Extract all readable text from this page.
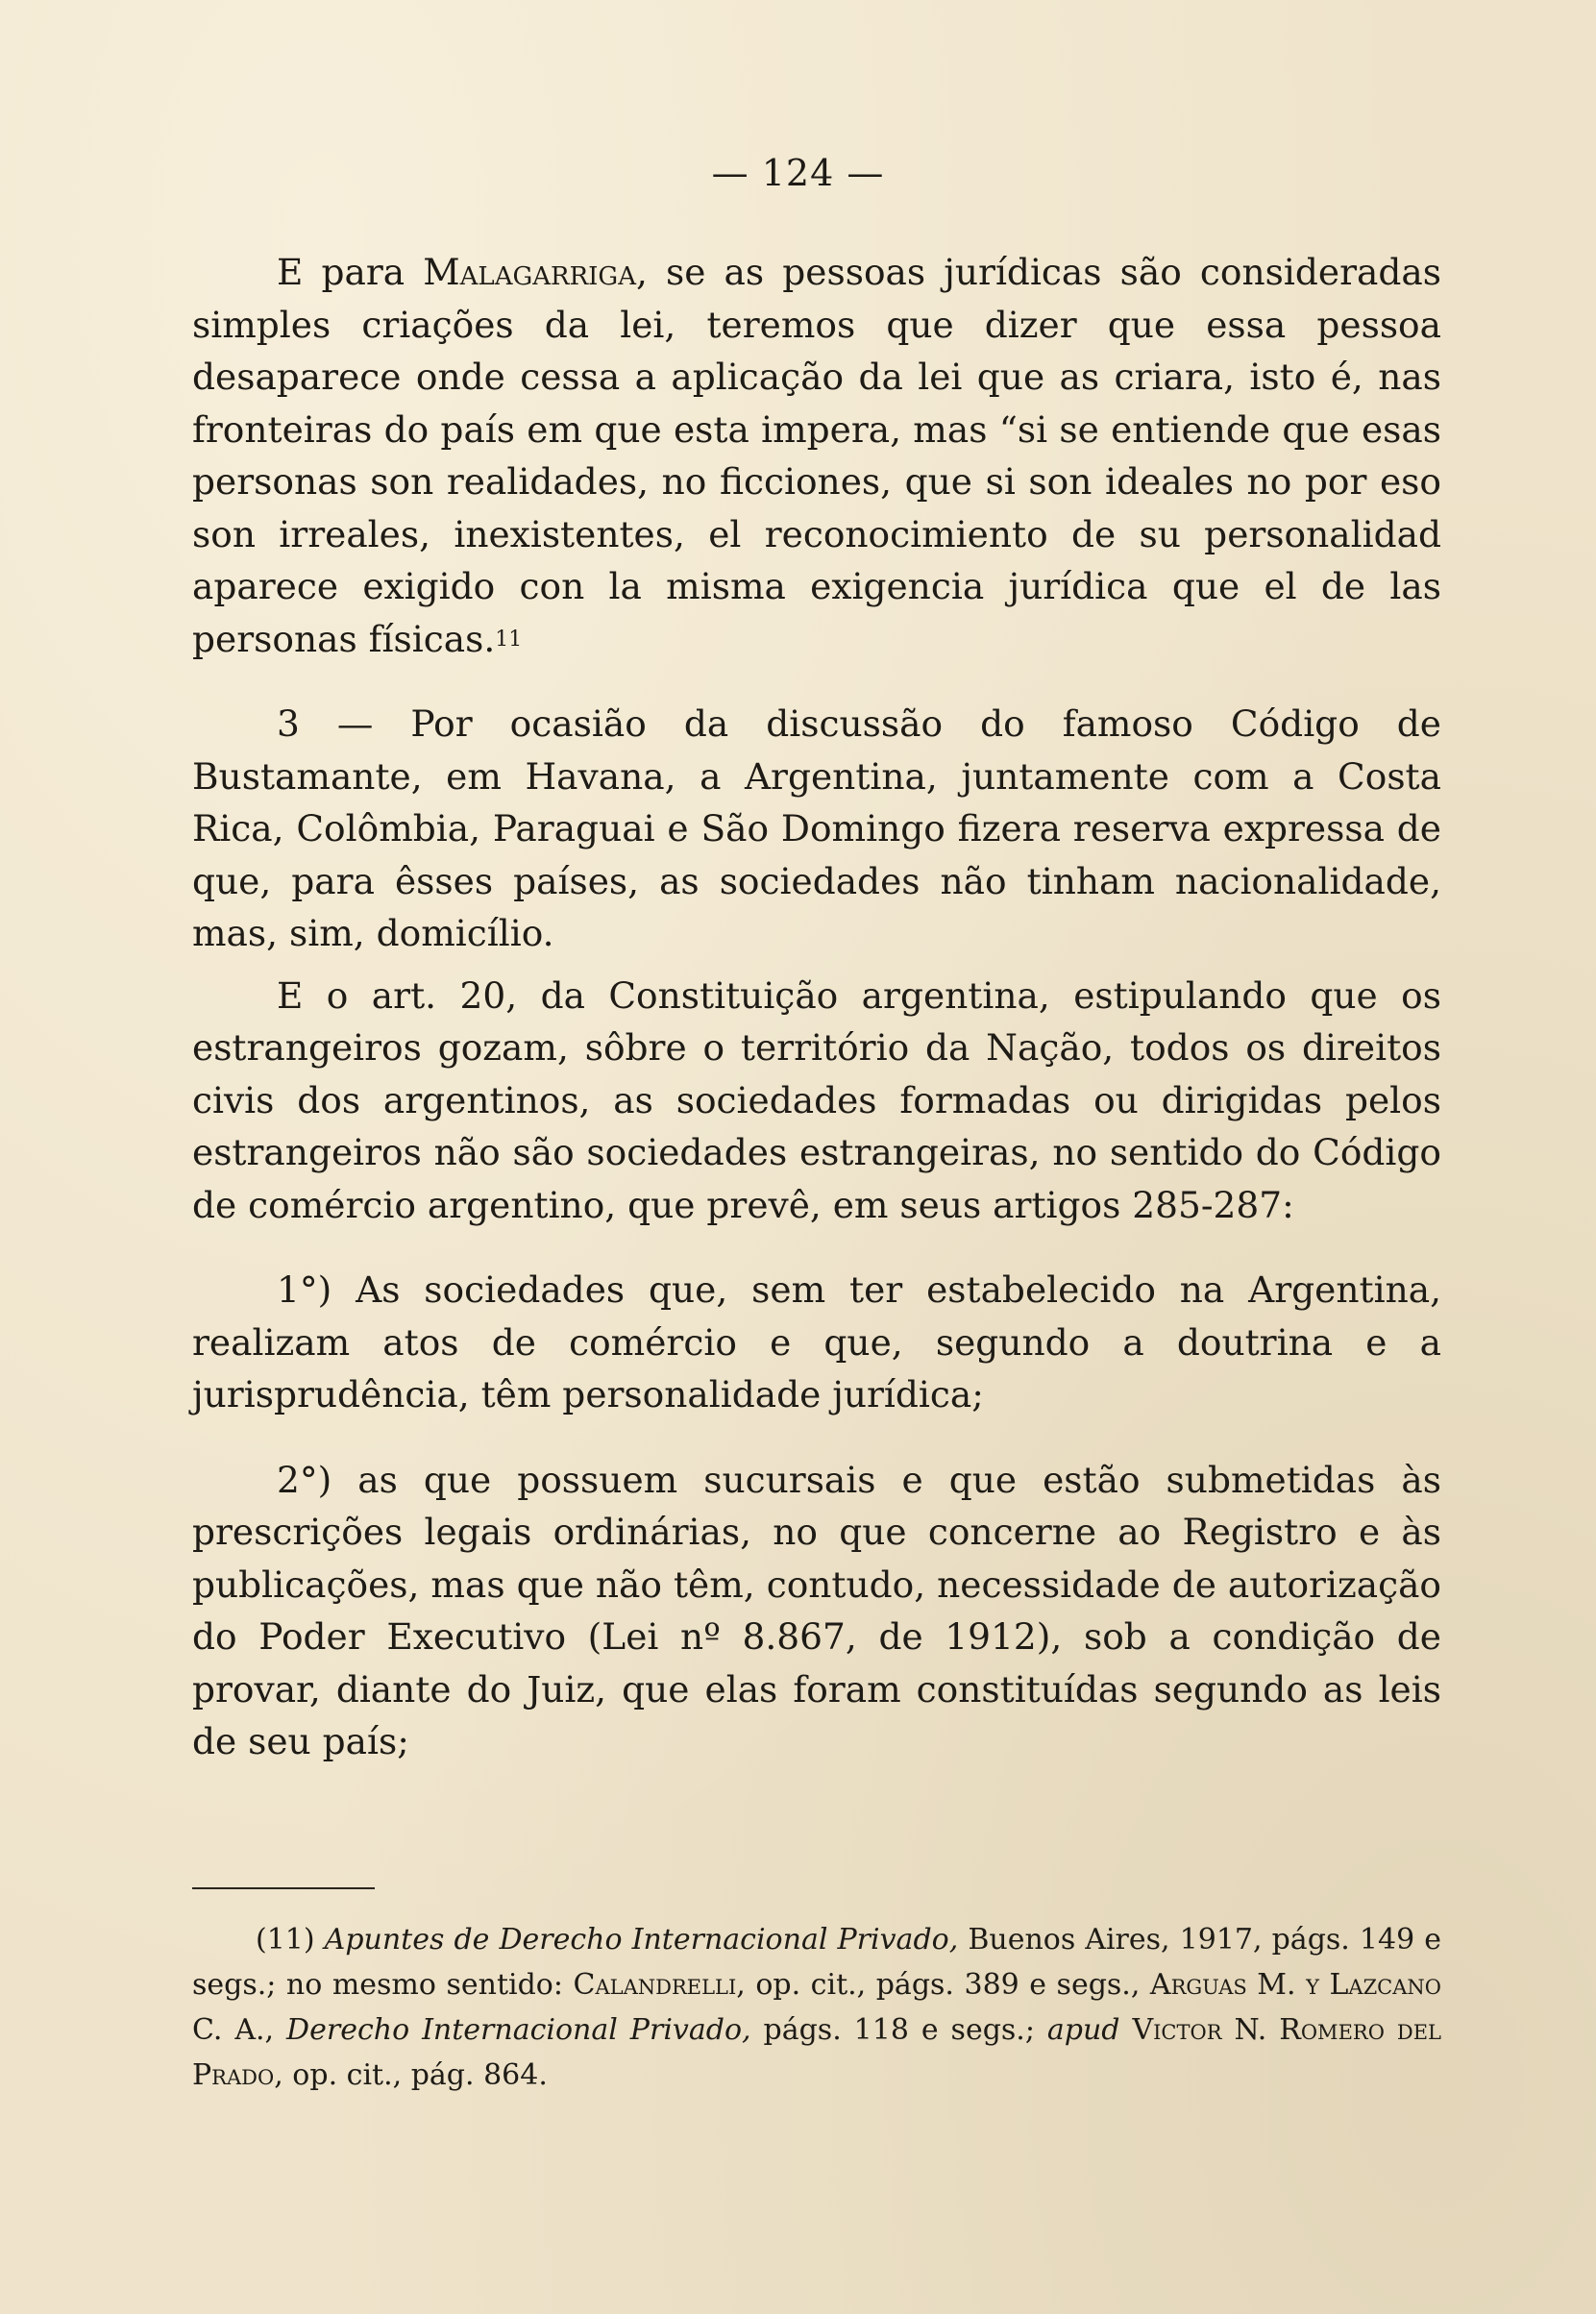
— 124 —

E para Malagarriga, se as pessoas jurídicas são consideradas simples criações da lei, teremos que dizer que essa pessoa desaparece onde cessa a aplicação da lei que as criara, isto é, nas fronteiras do país em que esta impera, mas “si se entiende que esas personas son realidades, no ficciones, que si son ideales no por eso son irreales, inexistentes, el reconocimiento de su personalidad aparece exigido con la misma exigencia jurídica que el de las personas físicas.$^{11}$

3 — Por ocasião da discussão do famoso Código de Bustamante, em Havana, a Argentina, juntamente com a Costa Rica, Colômbia, Paraguai e São Domingo fizera reserva expressa de que, para êsses países, as sociedades não tinham nacionalidade, mas, sim, domicílio.

E o art. 20, da Constituição argentina, estipulando que os estrangeiros gozam, sôbre o território da Nação, todos os direitos civis dos argentinos, as sociedades formadas ou dirigidas pelos estrangeiros não são sociedades estrangeiras, no sentido do Código de comércio argentino, que prevê, em seus artigos 285-287:

1°) As sociedades que, sem ter estabelecido na Argentina, realizam atos de comércio e que, segundo a doutrina e a jurisprudência, têm personalidade jurídica;

2°) as que possuem sucursais e que estão submetidas às prescrições legais ordinárias, no que concerne ao Registro e às publicações, mas que não têm, contudo, necessidade de autorização do Poder Executivo (Lei nº 8.867, de 1912), sob a condição de provar, diante do Juiz, que elas foram constituídas segundo as leis de seu país;

(11) Apuntes de Derecho Internacional Privado, Buenos Aires, 1917, págs. 149 e segs.; no mesmo sentido: Calandrelli, op. cit., págs. 389 e segs., Arguas M. y Lazcano C. A., Derecho Internacional Privado, págs. 118 e segs.; apud Victor N. Romero del Prado, op. cit., pág. 864.
